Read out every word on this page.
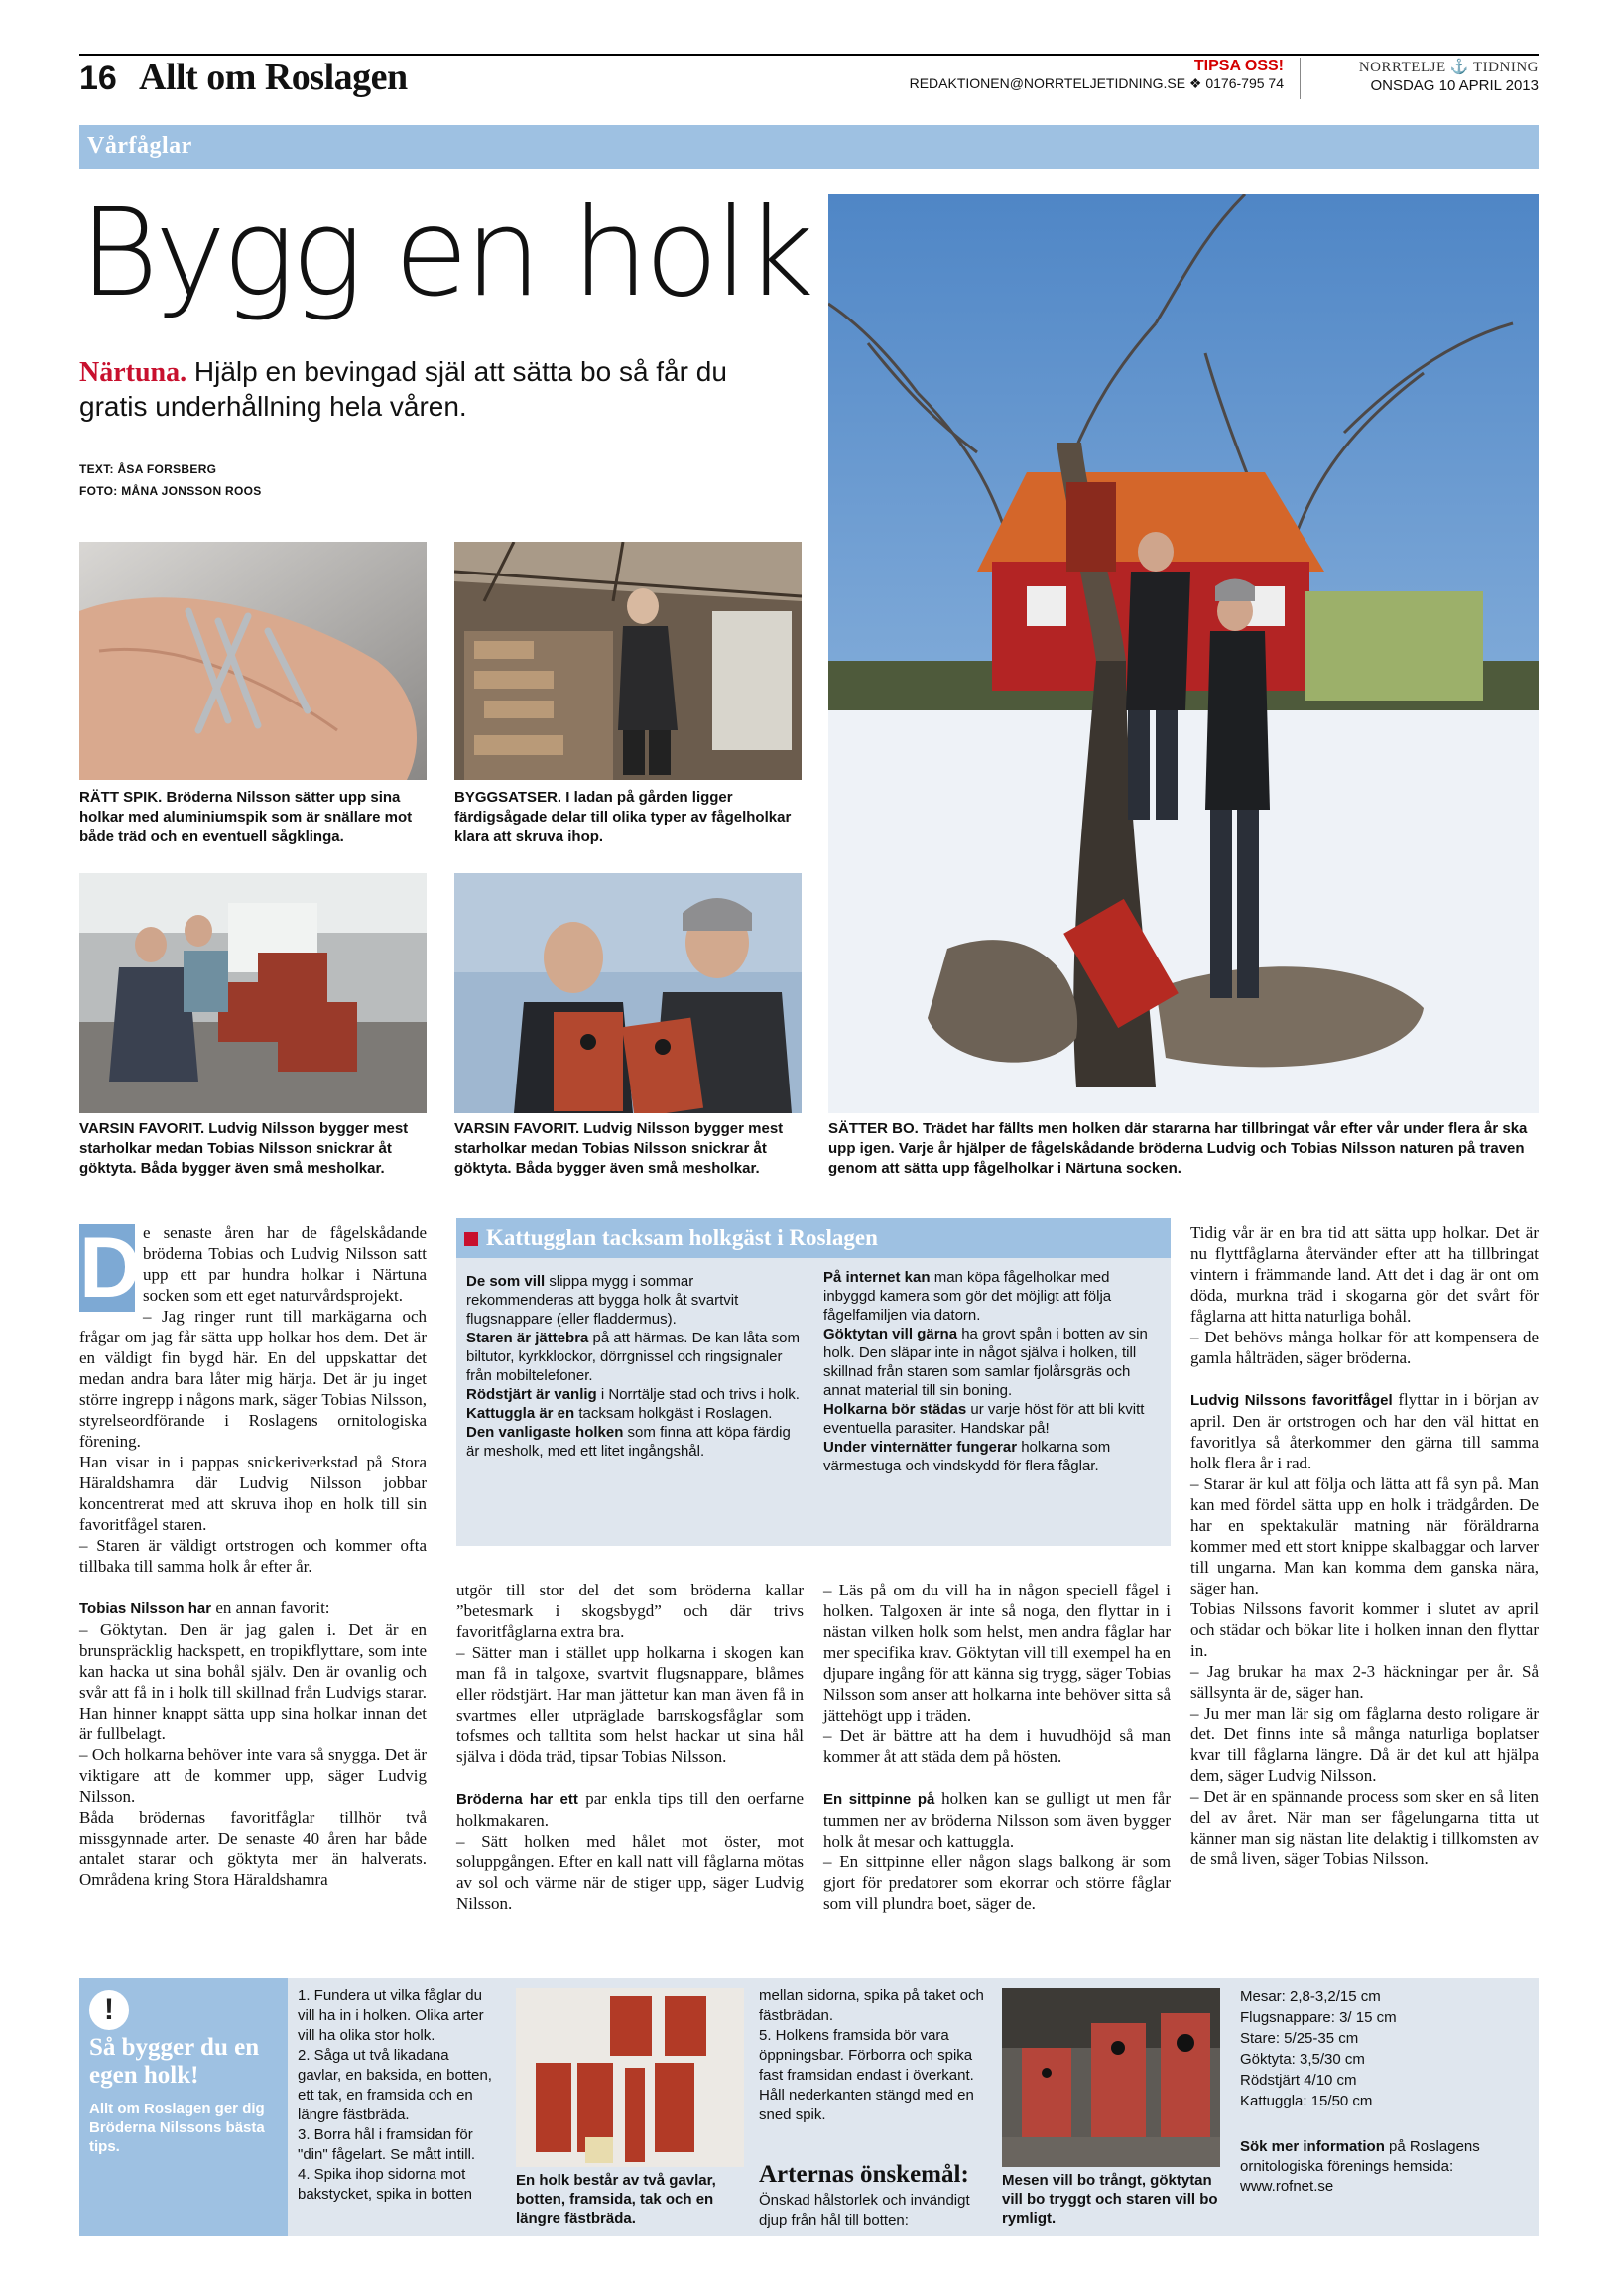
16 Allt om Roslagen	TIPSA OSS!
REDAKTIONEN@NORRTELJETIDNING.SE ❖ 0176-795 74
NORRTELJE ⚓ TIDNING
ONSDAG 10 APRIL 2013
Vårfåglar
Bygg en holk
Närtuna. Hjälp en bevingad själ att sätta bo så får du gratis underhållning hela våren.
TEXT: ÅSA FORSBERG
FOTO: MÅNA JONSSON ROOS
RÄTT SPIK. Bröderna Nilsson sätter upp sina holkar med aluminiumspik som är snällare mot både träd och en eventuell sågklinga.
BYGGSATSER. I ladan på gården ligger färdigsågade delar till olika typer av fågelholkar klara att skruva ihop.
VARSIN FAVORIT. Ludvig Nilsson bygger mest starholkar medan Tobias Nilsson snickrar åt göktyta. Båda bygger även små mesholkar.
VARSIN FAVORIT. Ludvig Nilsson bygger mest starholkar medan Tobias Nilsson snickrar åt göktyta. Båda bygger även små mesholkar.
SÄTTER BO. Trädet har fällts men holken där stararna har tillbringat vår efter vår under flera år ska upp igen. Varje år hjälper de fågelskådande bröderna Ludvig och Tobias Nilsson naturen på traven genom att sätta upp fågelholkar i Närtuna socken.
D e senaste åren har de fågelskådande bröderna Tobias och Ludvig Nilsson satt upp ett par hundra holkar i Närtuna socken som ett eget naturvårdsprojekt.

– Jag ringer runt till markägarna och frågar om jag får sätta upp holkar hos dem. Det är en väldigt fin bygd här. En del uppskattar det medan andra bara låter mig härja. Det är ju inget större ingrepp i någons mark, säger Tobias Nilsson, styrelseordförande i Roslagens ornitologiska förening.

Han visar in i pappas snickeriverkstad på Stora Häraldshamra där Ludvig Nilsson jobbar koncentrerat med att skruva ihop en holk till sin favoritfågel staren.

– Staren är väldigt ortstrogen och kommer ofta tillbaka till samma holk år efter år.

Tobias Nilsson har en annan favorit:

– Göktytan. Den är jag galen i. Det är en brunspräcklig hackspett, en tropikflyttare, som inte kan hacka ut sina bohål själv. Den är ovanlig och svår att få in i holk till skillnad från Ludvigs starar. Han hinner knappt sätta upp sina holkar innan det är fullbelagt.

– Och holkarna behöver inte vara så snygga. Det är viktigare att de kommer upp, säger Ludvig Nilsson.

Båda brödernas favoritfåglar tillhör två missgynnade arter. De senaste 40 åren har både antalet starar och göktyta mer än halverats. Områdena kring Stora Häraldshamra

utgör till stor del det som bröderna kallar ”betesmark i skogsbygd” och där trivs favoritfåglarna extra bra.

– Sätter man i stället upp holkarna i skogen kan man få in talgoxe, svartvit flugsnappare, blåmes eller rödstjärt. Har man jättetur kan man även få in svartmes eller utpräglade barrskogsfåglar som tofsmes och talltita som helst hackar ut sina hål själva i döda träd, tipsar Tobias Nilsson.

Bröderna har ett par enkla tips till den oerfarne holkmakaren.

– Sätt holken med hålet mot öster, mot soluppgången. Efter en kall natt vill fåglarna mötas av sol och värme när de stiger upp, säger Ludvig Nilsson.

– Läs på om du vill ha in någon speciell fågel i holken. Talgoxen är inte så noga, den flyttar in i nästan vilken holk som helst, men andra fåglar har mer specifika krav. Göktytan vill till exempel ha en djupare ingång för att känna sig trygg, säger Tobias Nilsson som anser att holkarna inte behöver sitta så jättehögt upp i träden.

– Det är bättre att ha dem i huvudhöjd så man kommer åt att städa dem på hösten.

En sittpinne på holken kan se gulligt ut men får tummen ner av bröderna Nilsson som även bygger holk åt mesar och kattuggla.

– En sittpinne eller någon slags balkong är som gjort för predatorer som ekorrar och större fåglar som vill plundra boet, säger de.

Tidig vår är en bra tid att sätta upp holkar. Det är nu flyttfåglarna återvänder efter att ha tillbringat vintern i främmande land. Att det i dag är ont om döda, murkna träd i skogarna gör det svårt för fåglarna att hitta naturliga bohål.

– Det behövs många holkar för att kompensera de gamla hålträden, säger bröderna.

Ludvig Nilssons favoritfågel flyttar in i början av april. Den är ortstrogen och har den väl hittat en favoritlya så återkommer den gärna till samma holk flera år i rad.

– Starar är kul att följa och lätta att få syn på. Man kan med fördel sätta upp en holk i trädgården. De har en spektakulär matning när föräldrarna kommer med ett stort knippe skalbaggar och larver till ungarna. Man kan komma dem ganska nära, säger han.

Tobias Nilssons favorit kommer i slutet av april och städar och bökar lite i holken innan den flyttar in.

– Jag brukar ha max 2-3 häckningar per år. Så sällsynta är de, säger han.

– Ju mer man lär sig om fåglarna desto roligare är det. Det finns inte så många naturliga boplatser kvar till fåglarna längre. Då är det kul att hjälpa dem, säger Ludvig Nilsson.

– Det är en spännande process som sker en så liten del av året. När man ser fågelungarna titta ut känner man sig nästan lite delaktig i tillkomsten av de små liven, säger Tobias Nilsson.

Kattugglan tacksam holkgäst i Roslagen

De som vill slippa mygg i sommar rekommenderas att bygga holk åt svartvit flugsnappare (eller fladdermus).

Staren är jättebra på att härmas. De kan låta som biltutor, kyrkklockor, dörrgnissel och ringsignaler från mobiltelefoner.

Rödstjärt är vanlig i Norrtälje stad och trivs i holk.

Kattuggla är en tacksam holkgäst i Roslagen.

Den vanligaste holken som finna att köpa färdig är mesholk, med ett litet ingångshål.

På internet kan man köpa fågelholkar med inbyggd kamera som gör det möjligt att följa fågelfamiljen via datorn.

Göktytan vill gärna ha grovt spån i botten av sin holk. Den släpar inte in något själva i holken, till skillnad från staren som samlar fjolårsgräs och annat material till sin boning.

Holkarna bör städas ur varje höst för att bli kvitt eventuella parasiter. Handskar på!

Under vinternätter fungerar holkarna som värmestuga och vindskydd för flera fåglar.

!
Så bygger du en egen holk!
Allt om Roslagen ger dig Bröderna Nilssons bästa tips.
1. Fundera ut vilka fåglar du vill ha in i holken. Olika arter vill ha olika stor holk.
2. Såga ut två likadana gavlar, en baksida, en botten, ett tak, en framsida och en längre fästbräda.
3. Borra hål i framsidan för "din" fågelart. Se mått intill.
4. Spika ihop sidorna mot bakstycket, spika in botten
En holk består av två gavlar, botten, framsida, tak och en längre fästbräda.
mellan sidorna, spika på taket och fästbrädan.
5. Holkens framsida bör vara öppningsbar. Förborra och spika fast framsidan endast i överkant. Håll nederkanten stängd med en sned spik.
Arternas önskemål:
Önskad hålstorlek och invändigt djup från hål till botten:
Mesen vill bo trångt, göktytan vill bo tryggt och staren vill bo rymligt.
Mesar: 2,8-3,2/15 cm
Flugsnappare: 3/ 15 cm
Stare: 5/25-35 cm
Göktyta: 3,5/30 cm
Rödstjärt 4/10 cm
Kattuggla: 15/50 cm
Sök mer information på Roslagens ornitologiska förenings hemsida: www.rofnet.se
